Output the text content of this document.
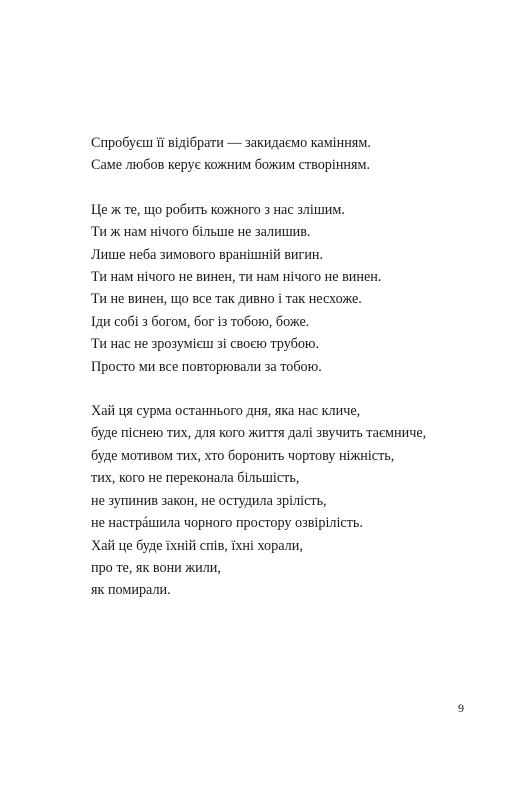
Спробуєш її відібрати — закидаємо камінням.
Саме любов керує кожним божим створінням.
Це ж те, що робить кожного з нас злішим.
Ти ж нам нічого більше не залишив.
Лише неба зимового вранішній вигин.
Ти нам нічого не винен, ти нам нічого не винен.
Ти не винен, що все так дивно і так несхоже.
Іди собі з богом, бог із тобою, боже.
Ти нас не зрозумієш зі своєю трубою.
Просто ми все повторювали за тобою.
Хай ця сурма останнього дня, яка нас кличе,
буде піснею тих, для кого життя далі звучить таємниче,
буде мотивом тих, хто боронить чортову ніжність,
тих, кого не переконала більшість,
не зупинив закон, не остудила зрілість,
не настрáшила чорного простору озвірілість.
Хай це буде їхній спів, їхні хорали,
про те, як вони жили,
як помирали.
9
